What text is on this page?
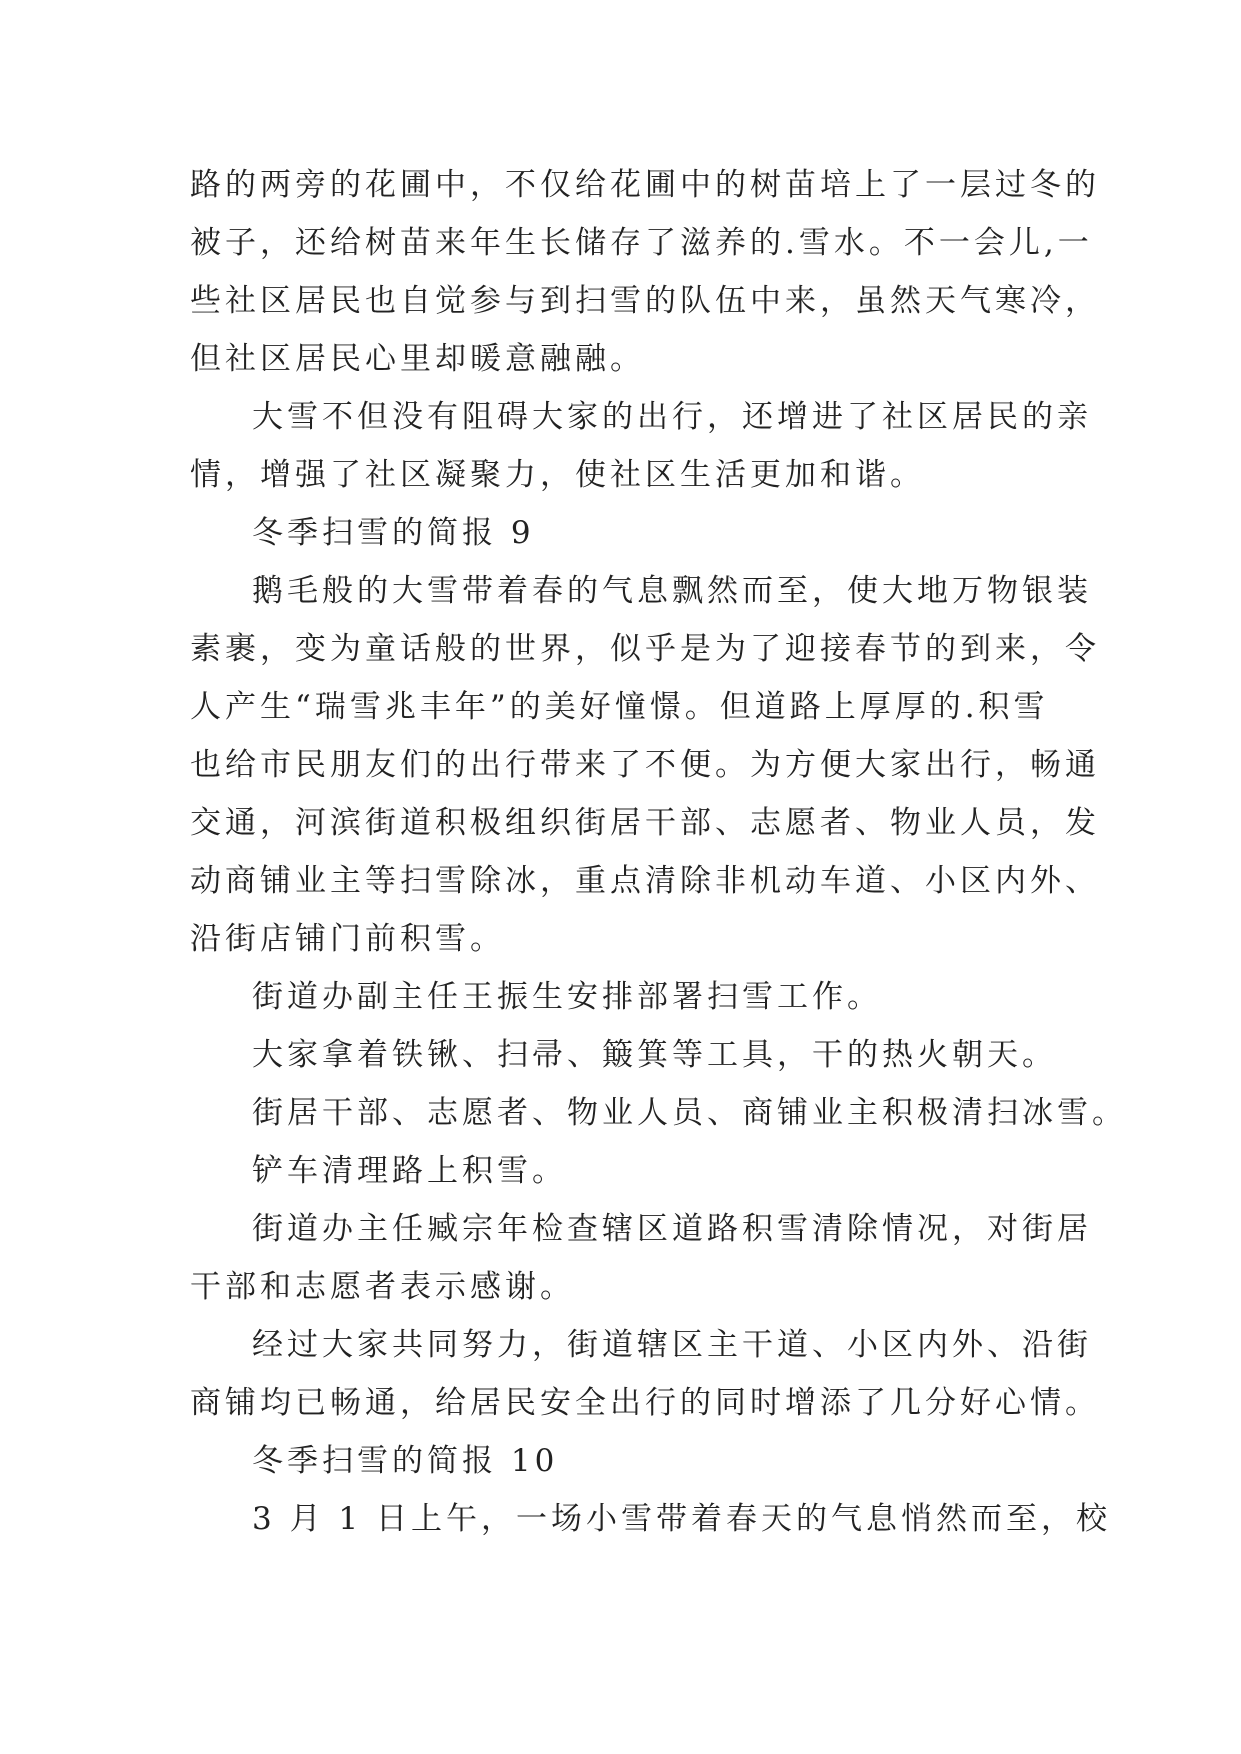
路的两旁的花圃中，不仅给花圃中的树苗培上了一层过冬的
被子，还给树苗来年生长储存了滋养的.雪水。不一会儿,一
些社区居民也自觉参与到扫雪的队伍中来，虽然天气寒冷，
但社区居民心里却暖意融融。
大雪不但没有阻碍大家的出行，还增进了社区居民的亲
情，增强了社区凝聚力，使社区生活更加和谐。
冬季扫雪的简报 9
鹅毛般的大雪带着春的气息飘然而至，使大地万物银装
素裹，变为童话般的世界，似乎是为了迎接春节的到来，令
人产生“瑞雪兆丰年”的美好憧憬。但道路上厚厚的.积雪
也给市民朋友们的出行带来了不便。为方便大家出行，畅通
交通，河滨街道积极组织街居干部、志愿者、物业人员，发
动商铺业主等扫雪除冰，重点清除非机动车道、小区内外、
沿街店铺门前积雪。
街道办副主任王振生安排部署扫雪工作。
大家拿着铁锹、扫帚、簸箕等工具，干的热火朝天。
街居干部、志愿者、物业人员、商铺业主积极清扫冰雪。
铲车清理路上积雪。
街道办主任臧宗年检查辖区道路积雪清除情况，对街居
干部和志愿者表示感谢。
经过大家共同努力，街道辖区主干道、小区内外、沿街
商铺均已畅通，给居民安全出行的同时增添了几分好心情。
冬季扫雪的简报 10
3 月 1 日上午，一场小雪带着春天的气息悄然而至，校
